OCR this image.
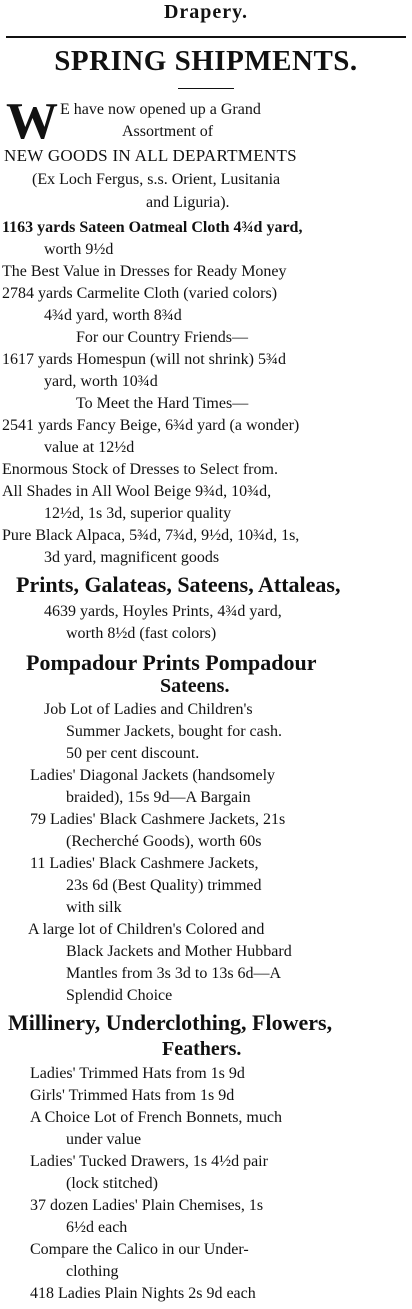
Drapery.
SPRING SHIPMENTS.
W E have now opened up a Grand
Assortment of
NEW GOODS IN ALL DEPARTMENTS
(Ex Loch Fergus, s.s. Orient, Lusitania
and Liguria).
1163 yards Sateen Oatmeal Cloth 4¾d yard,
worth 9½d
The Best Value in Dresses for Ready Money
2784 yards Carmelite Cloth (varied colors)
4¾d yard, worth 8¾d
For our Country Friends—
1617 yards Homespun (will not shrink) 5¾d
yard, worth 10¾d
To Meet the Hard Times—
2541 yards Fancy Beige, 6¾d yard (a wonder)
value at 12½d
Enormous Stock of Dresses to Select from.
All Shades in All Wool Beige 9¾d, 10¾d,
12½d, 1s 3d, superior quality
Pure Black Alpaca, 5¾d, 7¾d, 9½d, 10¾d, 1s,
3d yard, magnificent goods
Prints, Galateas, Sateens, Attaleas,
4639 yards, Hoyles Prints, 4¾d yard,
worth 8½d (fast colors)
Pompadour Prints Pompadour
Sateens.
Job Lot of Ladies and Children's
Summer Jackets, bought for cash.
50 per cent discount.
Ladies' Diagonal Jackets (handsomely
braided), 15s 9d—A Bargain
79 Ladies' Black Cashmere Jackets, 21s
(Recherché Goods), worth 60s
11 Ladies' Black Cashmere Jackets,
23s 6d (Best Quality) trimmed
with silk
A large lot of Children's Colored and
Black Jackets and Mother Hubbard
Mantles from 3s 3d to 13s 6d—A
Splendid Choice
Millinery, Underclothing, Flowers,
Feathers.
Ladies' Trimmed Hats from 1s 9d
Girls' Trimmed Hats from 1s 9d
A Choice Lot of French Bonnets, much
under value
Ladies' Tucked Drawers, 1s 4½d pair
(lock stitched)
37 dozen Ladies' Plain Chemises, 1s
6½d each
Compare the Calico in our Under-
clothing
418 Ladies Plain Nights 2s 9d each
